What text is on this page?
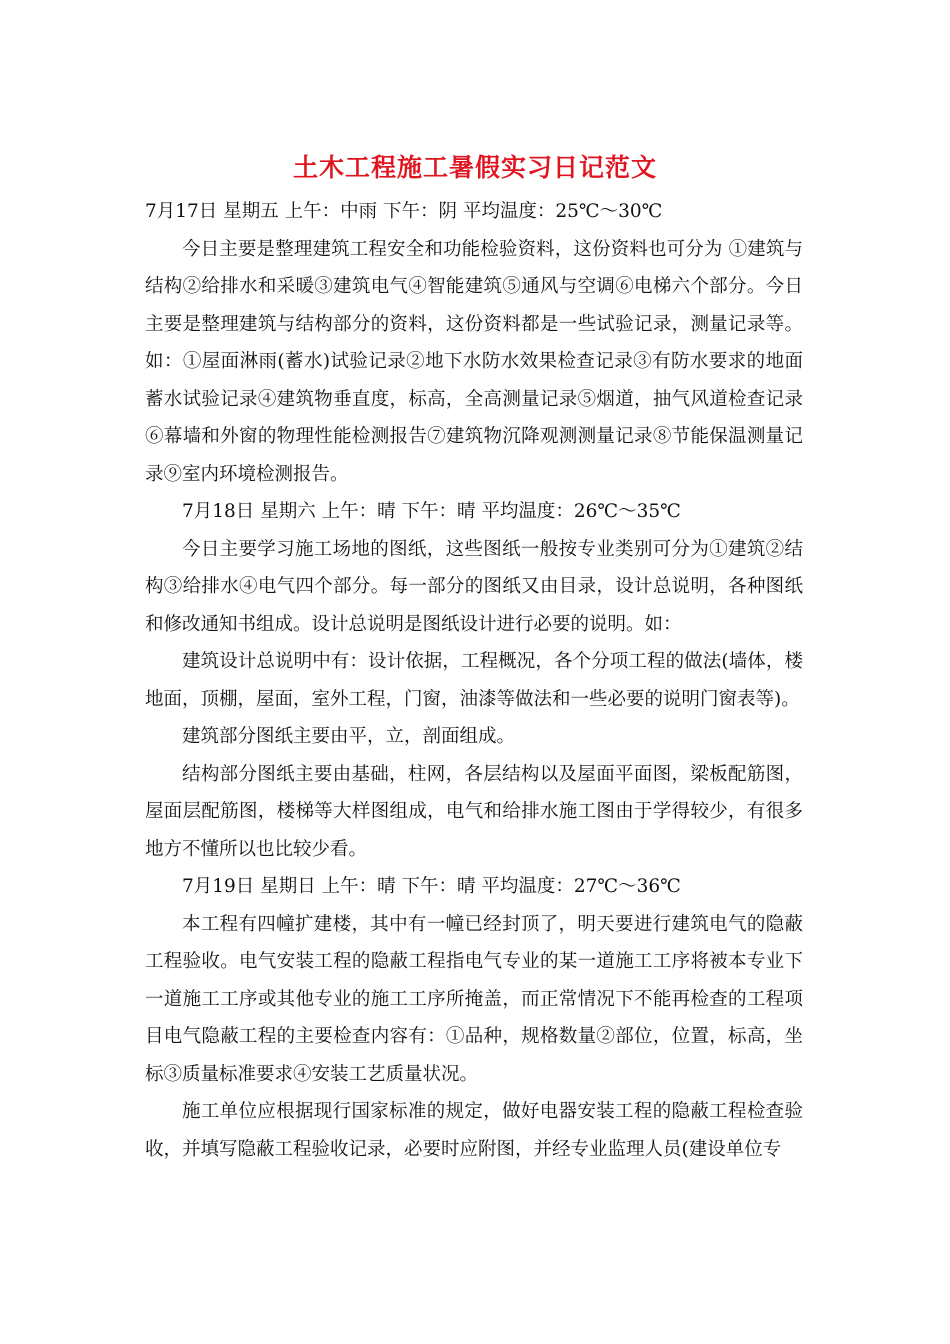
土木工程施工暑假实习日记范文

7月17日 星期五 上午：中雨 下午：阴 平均温度：25℃～30℃

今日主要是整理建筑工程安全和功能检验资料，这份资料也可分为 ①建筑与结构②给排水和采暖③建筑电气④智能建筑⑤通风与空调⑥电梯六个部分。今日主要是整理建筑与结构部分的资料，这份资料都是一些试验记录，测量记录等。如：①屋面淋雨(蓄水)试验记录②地下水防水效果检查记录③有防水要求的地面蓄水试验记录④建筑物垂直度，标高，全高测量记录⑤烟道，抽气风道检查记录⑥幕墙和外窗的物理性能检测报告⑦建筑物沉降观测测量记录⑧节能保温测量记录⑨室内环境检测报告。

7月18日 星期六 上午：晴 下午：晴 平均温度：26℃～35℃

今日主要学习施工场地的图纸，这些图纸一般按专业类别可分为①建筑②结构③给排水④电气四个部分。每一部分的图纸又由目录，设计总说明，各种图纸和修改通知书组成。设计总说明是图纸设计进行必要的说明。如：

建筑设计总说明中有：设计依据，工程概况，各个分项工程的做法(墙体，楼地面，顶棚，屋面，室外工程，门窗，油漆等做法和一些必要的说明门窗表等)。

建筑部分图纸主要由平，立，剖面组成。

结构部分图纸主要由基础，柱网，各层结构以及屋面平面图，梁板配筋图，屋面层配筋图，楼梯等大样图组成，电气和给排水施工图由于学得较少，有很多地方不懂所以也比较少看。

7月19日 星期日 上午：晴 下午：晴 平均温度：27℃～36℃

本工程有四幢扩建楼，其中有一幢已经封顶了，明天要进行建筑电气的隐蔽工程验收。电气安装工程的隐蔽工程指电气专业的某一道施工工序将被本专业下一道施工工序或其他专业的施工工序所掩盖，而正常情况下不能再检查的工程项目电气隐蔽工程的主要检查内容有：①品种，规格数量②部位，位置，标高，坐标③质量标准要求④安装工艺质量状况。

施工单位应根据现行国家标准的规定，做好电器安装工程的隐蔽工程检查验收，并填写隐蔽工程验收记录，必要时应附图，并经专业监理人员(建设单位专
